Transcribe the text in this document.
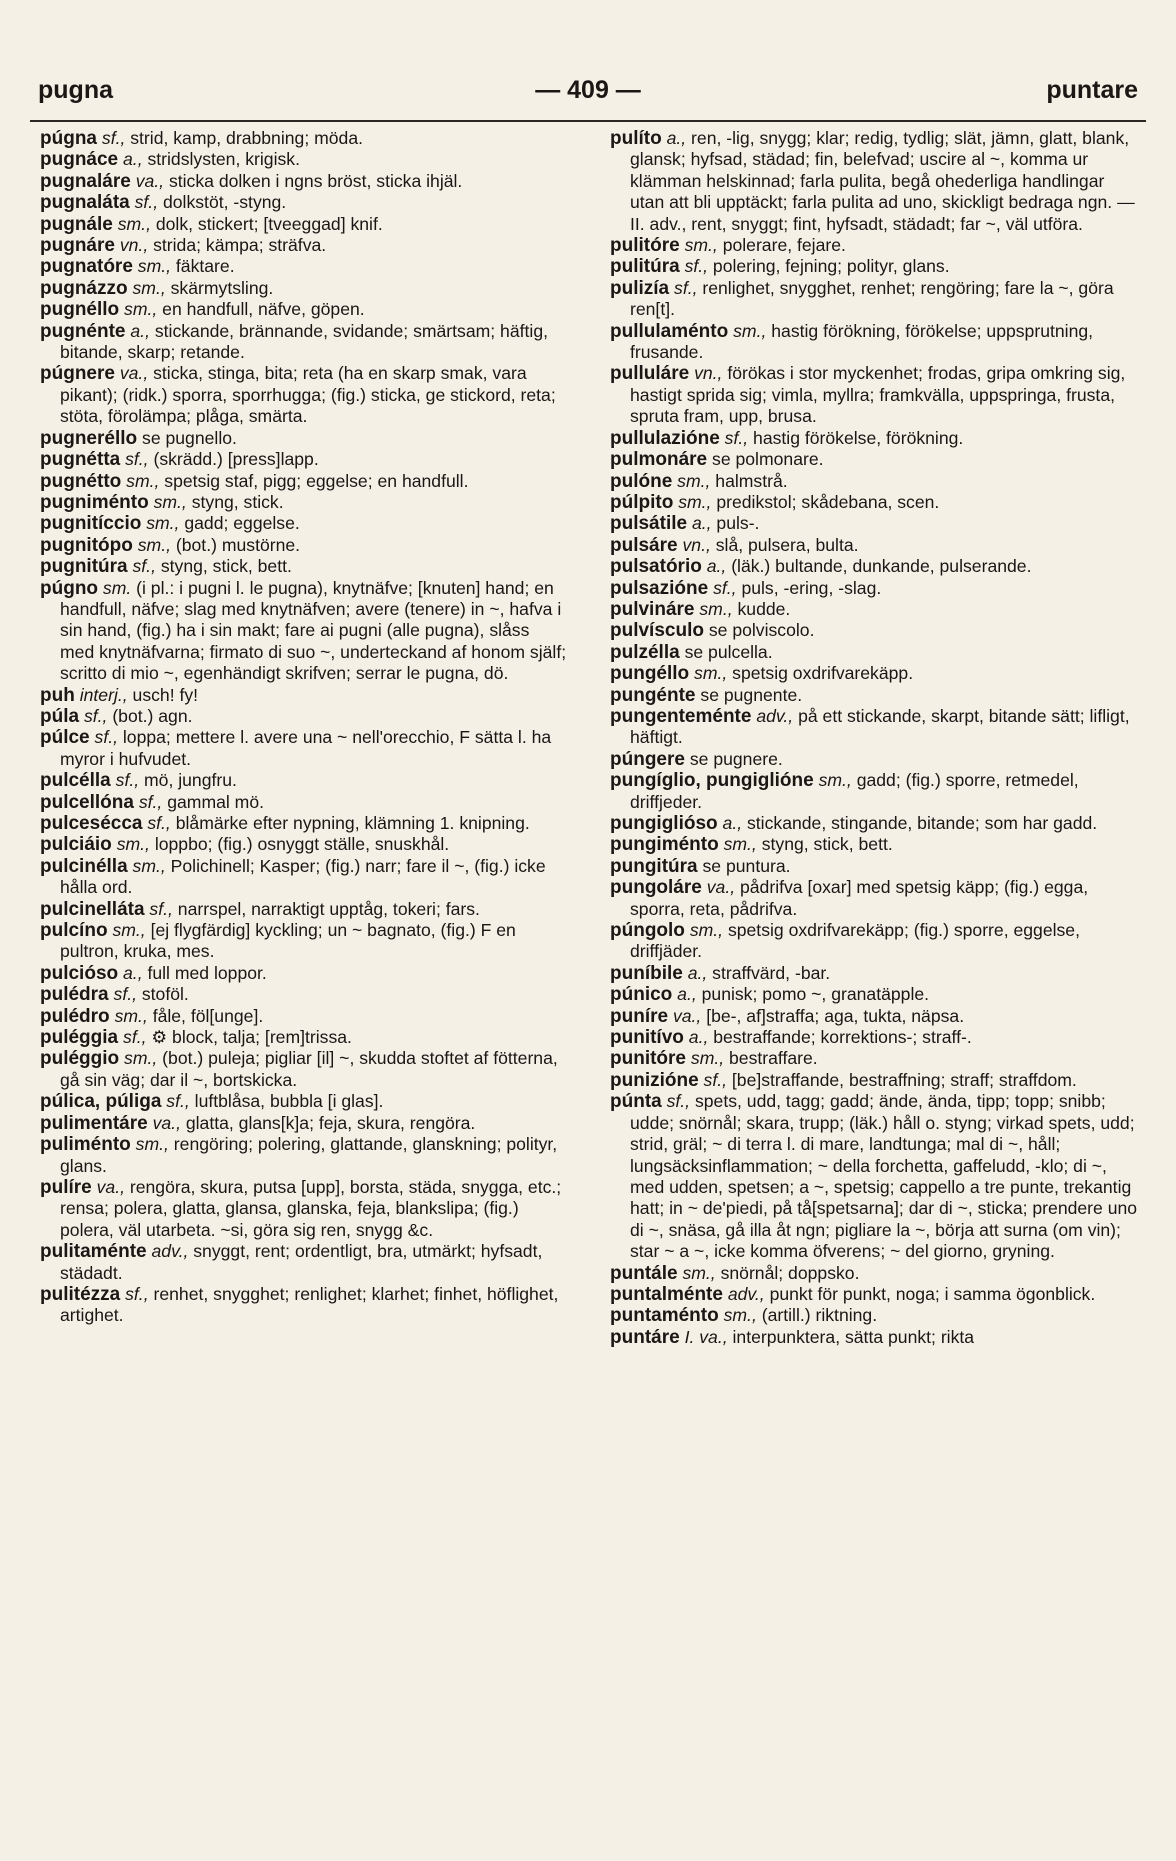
— 409 —
pugna	puntare

púgna sf., strid, kamp, drabbning; möda.

pugnáce a., stridslysten, krigisk.

pugnaláre va., sticka dolken i ngns bröst, sticka ihjäl.

pugnaláta sf., dolkstöt, -styng.

pugnále sm., dolk, stickert; [tveeggad] knif.

pugnáre vn., strida; kämpa; sträfva.

pugnatóre sm., fäktare.

pugnázzo sm., skärmytsling.

pugnéllo sm., en handfull, näfve, göpen.

pugnénte a., stickande, brännande, svidande; smärtsam; häftig, bitande, skarp; retande.

púgnere va., sticka, stinga, bita; reta (ha en skarp smak, vara pikant); (ridk.) sporra, sporrhugga; (fig.) sticka, ge stickord, reta; stöta, förolämpa; plåga, smärta.

pugneréllo se pugnello.

pugnétta sf., (skrädd.) [press]lapp.

pugnétto sm., spetsig staf, pigg; eggelse; en handfull.

pugniménto sm., styng, stick.

pugnitíccio sm., gadd; eggelse.

pugnitópo sm., (bot.) mustörne.

pugnitúra sf., styng, stick, bett.

púgno sm. (i pl.: i pugni l. le pugna), knytnäfve; [knuten] hand; en handfull, näfve; slag med knytnäfven; avere (tenere) in ~, hafva i sin hand, (fig.) ha i sin makt; fare ai pugni (alle pugna), slåss med knytnäfvarna; firmato di suo ~, underteckand af honom själf; scritto di mio ~, egenhändigt skrifven; serrar le pugna, dö.

puh interj., usch! fy!

púla sf., (bot.) agn.

púlce sf., loppa; mettere l. avere una ~ nell'orecchio, F sätta l. ha myror i hufvudet.

pulcélla sf., mö, jungfru.

pulcellóna sf., gammal mö.

pulceséccа sf., blåmärke efter nypning, klämning 1. knipning.

pulciáio sm., loppbo; (fig.) osnyggt ställe, snuskhål.

pulcinélla sm., Polichinell; Kasper; (fig.) narr; fare il ~, (fig.) icke hålla ord.

pulcinelláta sf., narrspel, narraktigt upptåg, tokeri; fars.

pulcíno sm., [ej flygfärdig] kyckling; un ~ bagnato, (fig.) F en pultron, kruka, mes.

pulcióso a., full med loppor.

pulédra sf., stoföl.

pulédro sm., fåle, föl[unge].

puléggia sf., ⚙ block, talja; [rem]trissa.

puléggio sm., (bot.) puleja; pigliar [il] ~, skudda stoftet af fötterna, gå sin väg; dar il ~, bortskicka.

púlica, púliga sf., luftblåsa, bubbla [i glas].

pulimentáre va., glatta, glans[k]a; feja, skura, rengöra.

puliménto sm., rengöring; polering, glattande, glanskning; polityr, glans.

pulíre va., rengöra, skura, putsa [upp], borsta, städa, snygga, etc.; rensa; polera, glatta, glansa, glanska, feja, blankslipa; (fig.) polera, väl utarbeta. ~si, göra sig ren, snygg &c.

pulitaménte adv., snyggt, rent; ordentligt, bra, utmärkt; hyfsadt, städadt.

pulitézza sf., renhet, snygghet; renlighet; klarhet; finhet, höflighet, artighet.

pulíto a., ren, -lig, snygg; klar; redig, tydlig; slät, jämn, glatt, blank, glansk; hyfsad, städad; fin, belefvad; uscire al ~, komma ur klämman helskinnad; farla pulita, begå ohederliga handlingar utan att bli upptäckt; farla pulita ad uno, skickligt bedraga ngn. — II. adv., rent, snyggt; fint, hyfsadt, städadt; far ~, väl utföra.

pulitóre sm., polerare, fejare.

pulitúra sf., polering, fejning; polityr, glans.

pulizía sf., renlighet, snygghet, renhet; rengöring; fare la ~, göra ren[t].

pullulaménto sm., hastig förökning, förökelse; uppsprutning, frusande.

pulluláre vn., förökas i stor myckenhet; frodas, gripa omkring sig, hastigt sprida sig; vimla, myllra; framkvälla, uppspringa, frusta, spruta fram, upp, brusa.

pullulazióne sf., hastig förökelse, förökning.

pulmonáre se polmonare.

pulóne sm., halmstrå.

púlpito sm., predikstol; skådebana, scen.

pulsátile a., puls-.

pulsáre vn., slå, pulsera, bulta.

pulsatório a., (läk.) bultande, dunkande, pulserande.

pulsazióne sf., puls, -ering, -slag.

pulvináre sm., kudde.

pulvísculo se polviscolo.

pulzélla se pulcella.

pungéllo sm., spetsig oxdrifvarekäpp.

pungénte se pugnente.

pungenteménte adv., på ett stickande, skarpt, bitande sätt; lifligt, häftigt.

púngere se pugnere.

pungíglio, pungiglióne sm., gadd; (fig.) sporre, retmedel, driffjeder.

pungiglióso a., stickande, stingande, bitande; som har gadd.

pungiménto sm., styng, stick, bett.

pungitúra se puntura.

pungoláre va., pådrifva [oxar] med spetsig käpp; (fig.) egga, sporra, reta, pådrifva.

púngolo sm., spetsig oxdrifvarekäpp; (fig.) sporre, eggelse, driffjäder.

puníbile a., straffvärd, -bar.

púnico a., punisk; pomo ~, granatäpple.

puníre va., [be-, af]straffa; aga, tukta, näpsa.

punitívo a., bestraffande; korrektions-; straff-.

punitóre sm., bestraffare.

punizióne sf., [be]straffande, bestraffning; straff; straffdom.

púnta sf., spets, udd, tagg; gadd; ände, ända, tipp; topp; snibb; udde; snörnål; skara, trupp; (läk.) håll o. styng; virkad spets, udd; strid, gräl; ~ di terra l. di mare, landtunga; mal di ~, håll; lungsäcksinflammation; ~ della forchetta, gaffeludd, -klo; di ~, med udden, spetsen; a ~, spetsig; cappello a tre punte, trekantig hatt; in ~ de'piedi, på tå[spetsarna]; dar di ~, sticka; prendere uno di ~, snäsa, gå illa åt ngn; pigliare la ~, börja att surna (om vin); star ~ a ~, icke komma öfverens; ~ del giorno, gryning.

puntále sm., snörnål; doppsko.

puntalménte adv., punkt för punkt, noga; i samma ögonblick.

puntaménto sm., (artill.) riktning.

puntáre I. va., interpunktera, sätta punkt; rikta
